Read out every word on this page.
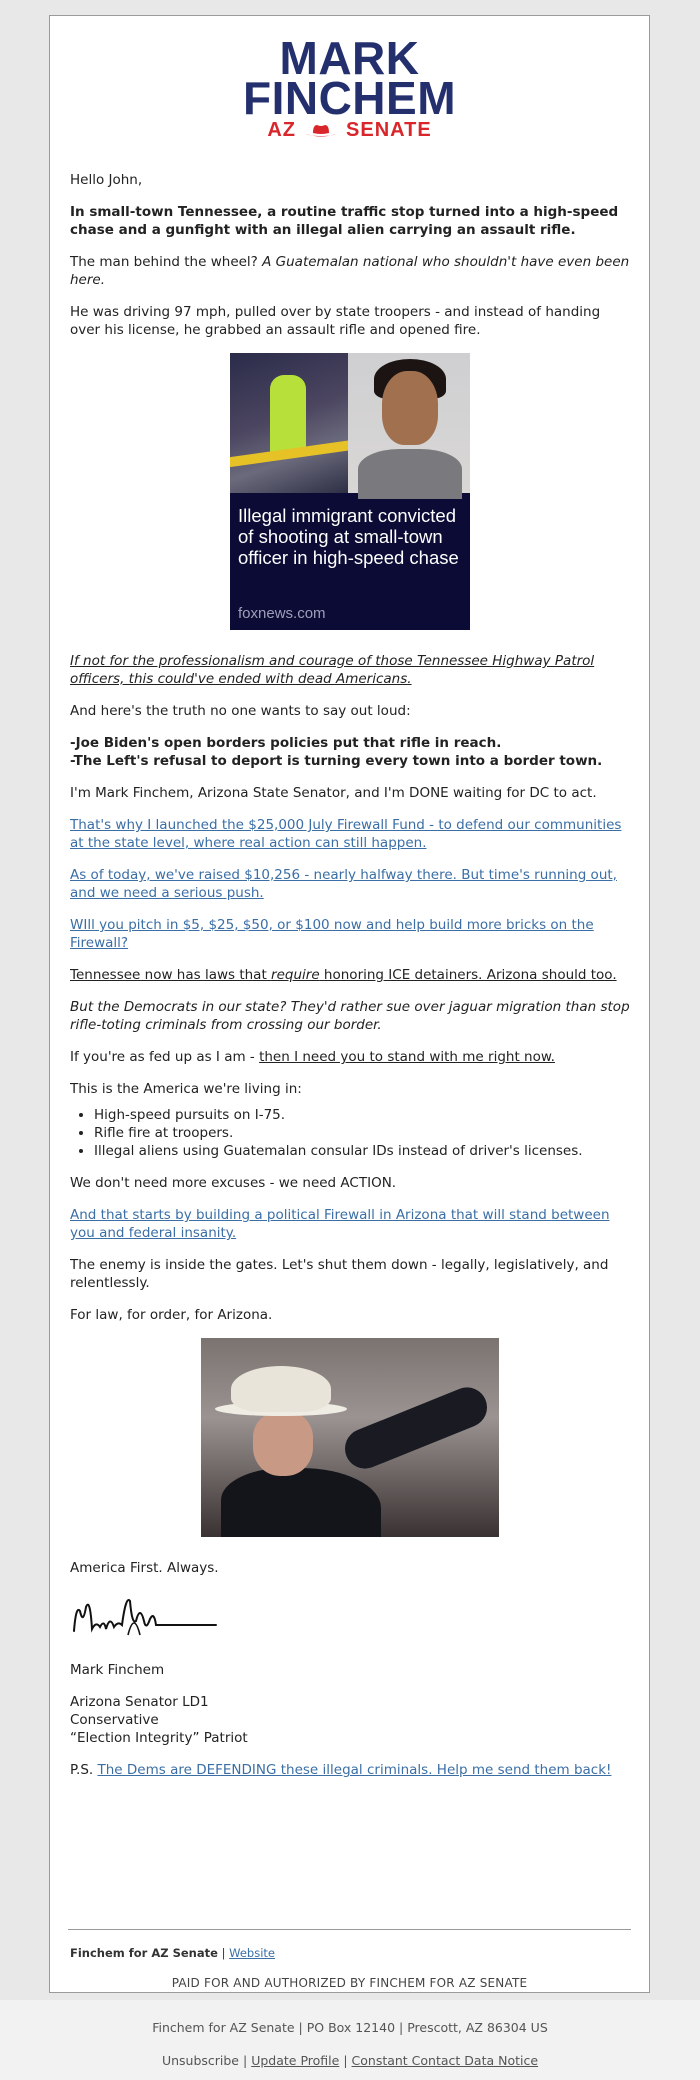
MARK
FINCHEM
AZ	SENATE

Hello John,

In small-town Tennessee, a routine traffic stop turned into a high-speed chase and a gunfight with an illegal alien carrying an assault rifle.

The man behind the wheel? A Guatemalan national who shouldn't have even been here.

He was driving 97 mph, pulled over by state troopers - and instead of handing over his license, he grabbed an assault rifle and opened fire.

Illegal immigrant convicted of shooting at small-town officer in high-speed chase
foxnews.com

If not for the professionalism and courage of those Tennessee Highway Patrol officers, this could've ended with dead Americans.

And here's the truth no one wants to say out loud:

-Joe Biden's open borders policies put that rifle in reach.
-The Left's refusal to deport is turning every town into a border town.

I'm Mark Finchem, Arizona State Senator, and I'm DONE waiting for DC to act.

That's why I launched the $25,000 July Firewall Fund - to defend our communities at the state level, where real action can still happen.

As of today, we've raised $10,256 - nearly halfway there. But time's running out, and we need a serious push.

WIll you pitch in $5, $25, $50, or $100 now and help build more bricks on the Firewall?

Tennessee now has laws that require honoring ICE detainers. Arizona should too.

But the Democrats in our state? They'd rather sue over jaguar migration than stop rifle-toting criminals from crossing our border.

If you're as fed up as I am - then I need you to stand with me right now.

This is the America we're living in:

• High-speed pursuits on I-75.
• Rifle fire at troopers.
• Illegal aliens using Guatemalan consular IDs instead of driver's licenses.

We don't need more excuses - we need ACTION.

And that starts by building a political Firewall in Arizona that will stand between you and federal insanity.

The enemy is inside the gates. Let's shut them down - legally, legislatively, and relentlessly.

For law, for order, for Arizona.

America First. Always.

Mark Finchem

Arizona Senator LD1
Conservative
“Election Integrity” Patriot

P.S. The Dems are DEFENDING these illegal criminals. Help me send them back!

Finchem for AZ Senate | Website
PAID FOR AND AUTHORIZED BY FINCHEM FOR AZ SENATE
Finchem for AZ Senate | PO Box 12140 | Prescott, AZ 86304 US
Unsubscribe | Update Profile | Constant Contact Data Notice
